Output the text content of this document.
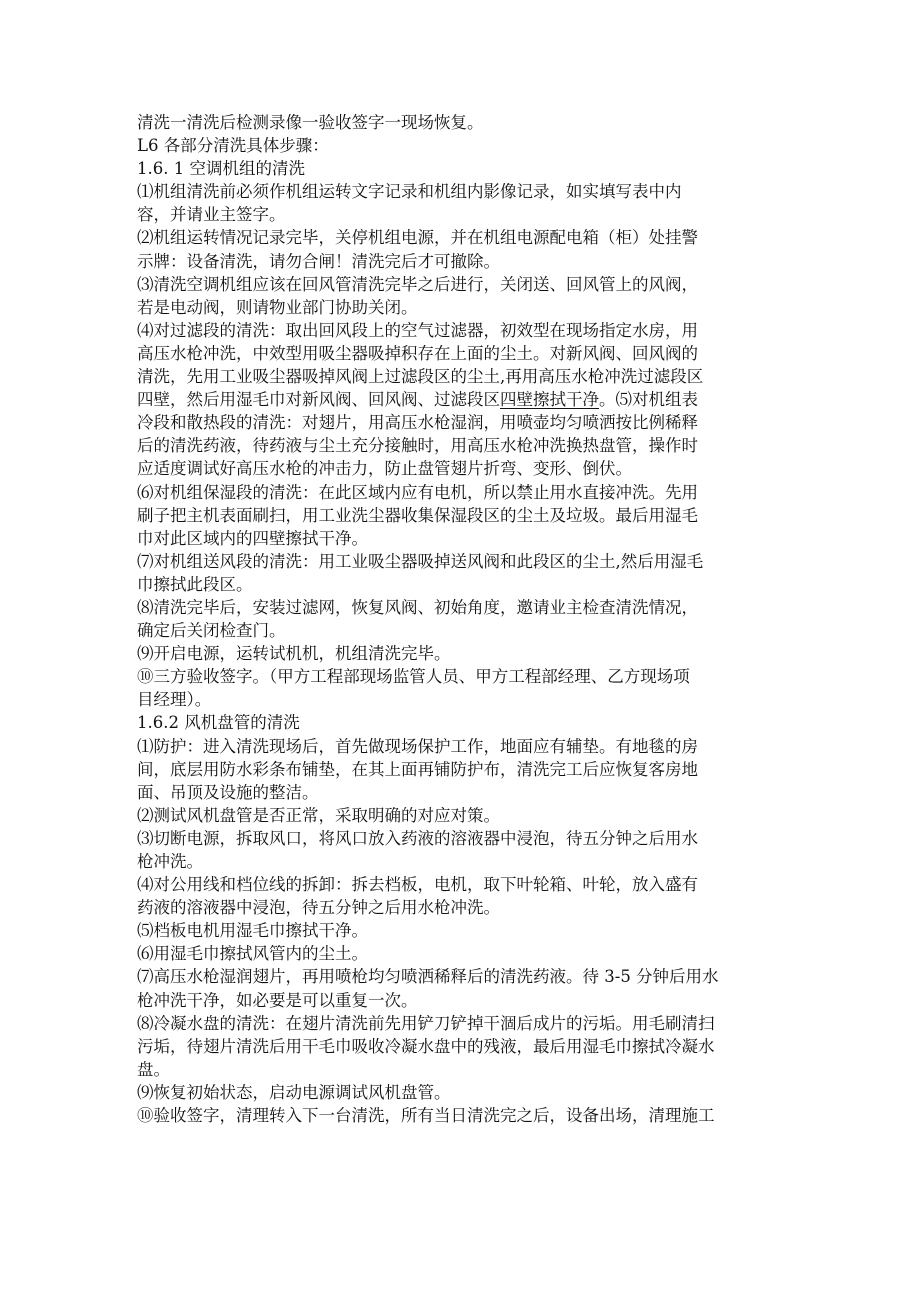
清洗一清洗后检测录像一验收签字一现场恢复。
L6 各部分清洗具体步骤：
1.6. 1 空调机组的清洗
⑴机组清洗前必须作机组运转文字记录和机组内影像记录，如实填写表中内
容，并请业主签字。
⑵机组运转情况记录完毕，关停机组电源，并在机组电源配电箱（柜）处挂警
示牌：设备清洗，请勿合闸！清洗完后才可撤除。
⑶清洗空调机组应该在回风管清洗完毕之后进行，关闭送、回风管上的风阀，
若是电动阀，则请物业部门协助关闭。
⑷对过滤段的清洗：取出回风段上的空气过滤器，初效型在现场指定水房，用
高压水枪冲洗，中效型用吸尘器吸掉积存在上面的尘土。对新风阀、回风阀的
清洗，先用工业吸尘器吸掉风阀上过滤段区的尘土,再用高压水枪冲洗过滤段区
四壁，然后用湿毛巾对新风阀、回风阀、过滤段区四壁擦拭干净。⑸对机组表
冷段和散热段的清洗：对翅片，用高压水枪湿润，用喷壶均匀喷洒按比例稀释
后的清洗药液，待药液与尘土充分接触时，用高压水枪冲洗换热盘管，操作时
应适度调试好高压水枪的冲击力，防止盘管翅片折弯、变形、倒伏。
⑹对机组保湿段的清洗：在此区域内应有电机，所以禁止用水直接冲洗。先用
刷子把主机表面刷扫，用工业洗尘器收集保湿段区的尘土及垃圾。最后用湿毛
巾对此区域内的四壁擦拭干净。
⑺对机组送风段的清洗：用工业吸尘器吸掉送风阀和此段区的尘土,然后用湿毛
巾擦拭此段区。
⑻清洗完毕后，安装过滤网，恢复风阀、初始角度，邀请业主检查清洗情况，
确定后关闭检查门。
⑼开启电源，运转试机机，机组清洗完毕。
⑩三方验收签字。（甲方工程部现场监管人员、甲方工程部经理、乙方现场项
目经理）。
1.6.2 风机盘管的清洗
⑴防护：进入清洗现场后，首先做现场保护工作，地面应有辅垫。有地毯的房
间，底层用防水彩条布铺垫，在其上面再铺防护布，清洗完工后应恢复客房地
面、吊顶及设施的整洁。
⑵测试风机盘管是否正常，采取明确的对应对策。
⑶切断电源，拆取风口，将风口放入药液的溶液器中浸泡，待五分钟之后用水
枪冲洗。
⑷对公用线和档位线的拆卸：拆去档板，电机，取下叶轮箱、叶轮，放入盛有
药液的溶液器中浸泡，待五分钟之后用水枪冲洗。
⑸档板电机用湿毛巾擦拭干净。
⑹用湿毛巾擦拭风管内的尘土。
⑺高压水枪湿润翅片，再用喷枪均匀喷洒稀释后的清洗药液。待 3-5 分钟后用水
枪冲洗干净，如必要是可以重复一次。
⑻冷凝水盘的清洗：在翅片清洗前先用铲刀铲掉干涸后成片的污垢。用毛刷清扫
污垢，待翅片清洗后用干毛巾吸收冷凝水盘中的残液，最后用湿毛巾擦拭冷凝水
盘。
⑼恢复初始状态，启动电源调试风机盘管。
⑩验收签字，清理转入下一台清洗，所有当日清洗完之后，设备出场，清理施工
